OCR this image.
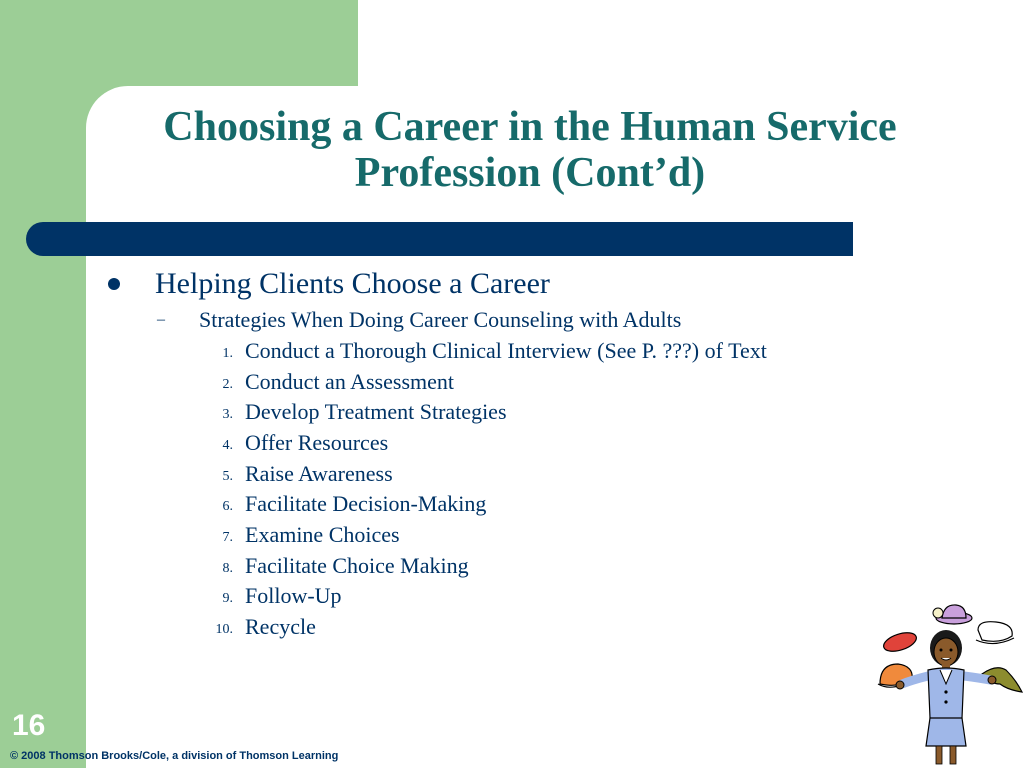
Choosing a Career in the Human Service
Profession (Cont’d)
Helping Clients Choose a Career
– Strategies When Doing Career Counseling with Adults
1. Conduct a Thorough Clinical Interview (See P. ???) of Text
2. Conduct an Assessment
3. Develop Treatment Strategies
4. Offer Resources
5. Raise Awareness
6. Facilitate Decision-Making
7. Examine Choices
8. Facilitate Choice Making
9. Follow-Up
10. Recycle
16
© 2008 Thomson Brooks/Cole, a division of Thomson Learning
